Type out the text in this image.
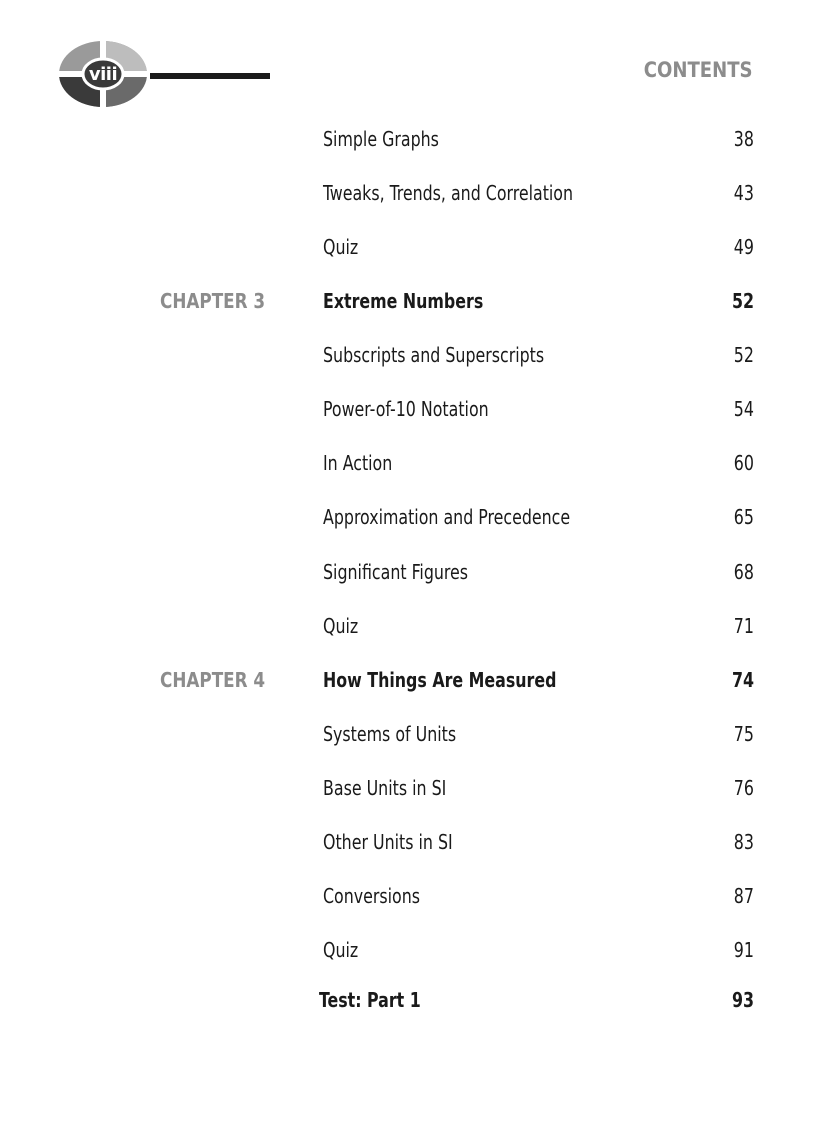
viii	CONTENTS
Simple Graphs	38
Tweaks, Trends, and Correlation	43
Quiz	49
CHAPTER 3	Extreme Numbers	52
Subscripts and Superscripts	52
Power-of-10 Notation	54
In Action	60
Approximation and Precedence	65
Significant Figures	68
Quiz	71
CHAPTER 4	How Things Are Measured	74
Systems of Units	75
Base Units in SI	76
Other Units in SI	83
Conversions	87
Quiz	91
Test: Part 1	93
